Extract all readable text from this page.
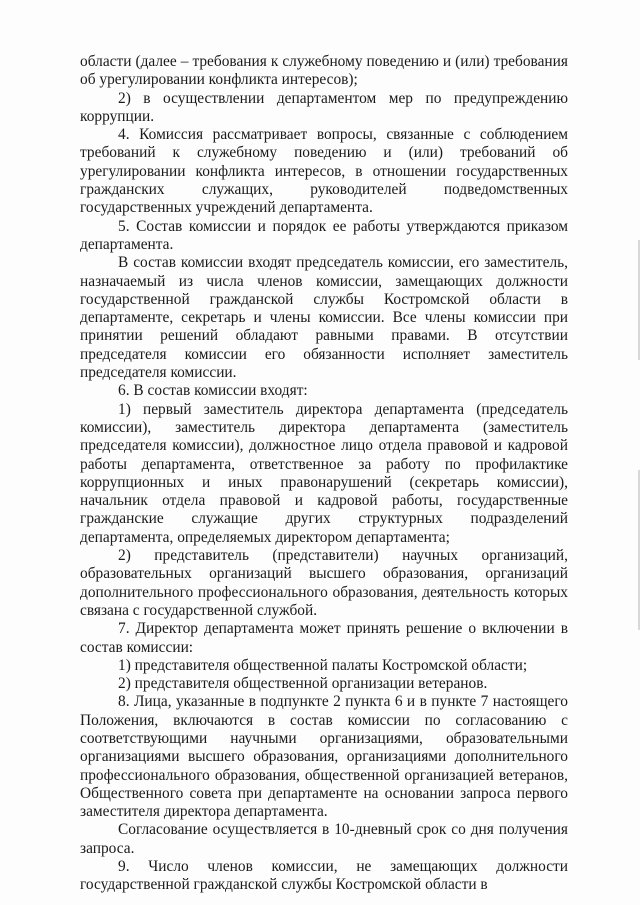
области (далее – требования к служебному поведению и (или) требования об урегулировании конфликта интересов);

2) в осуществлении департаментом мер по предупреждению коррупции.

4. Комиссия рассматривает вопросы, связанные с соблюдением требований к служебному поведению и (или) требований об урегулировании конфликта интересов, в отношении государственных гражданских служащих, руководителей подведомственных государственных учреждений департамента.

5. Состав комиссии и порядок ее работы утверждаются приказом департамента.

В состав комиссии входят председатель комиссии, его заместитель, назначаемый из числа членов комиссии, замещающих должности государственной гражданской службы Костромской области в департаменте, секретарь и члены комиссии. Все члены комиссии при принятии решений обладают равными правами. В отсутствии председателя комиссии его обязанности исполняет заместитель председателя комиссии.

6. В состав комиссии входят:

1) первый заместитель директора департамента (председатель комиссии), заместитель директора департамента (заместитель председателя комиссии), должностное лицо отдела правовой и кадровой работы департамента, ответственное за работу по профилактике коррупционных и иных правонарушений (секретарь комиссии), начальник отдела правовой и кадровой работы, государственные гражданские служащие других структурных подразделений департамента, определяемых директором департамента;

2) представитель (представители) научных организаций, образовательных организаций высшего образования, организаций дополнительного профессионального образования, деятельность которых связана с государственной службой.

7. Директор департамента может принять решение о включении в состав комиссии:

1) представителя общественной палаты Костромской области;

2) представителя общественной организации ветеранов.

8. Лица, указанные в подпункте 2 пункта 6 и в пункте 7 настоящего Положения, включаются в состав комиссии по согласованию с соответствующими научными организациями, образовательными организациями высшего образования, организациями дополнительного профессионального образования, общественной организацией ветеранов, Общественного совета при департаменте на основании запроса первого заместителя директора департамента.

Согласование осуществляется в 10-дневный срок со дня получения запроса.

9. Число членов комиссии, не замещающих должности государственной гражданской службы Костромской области в
